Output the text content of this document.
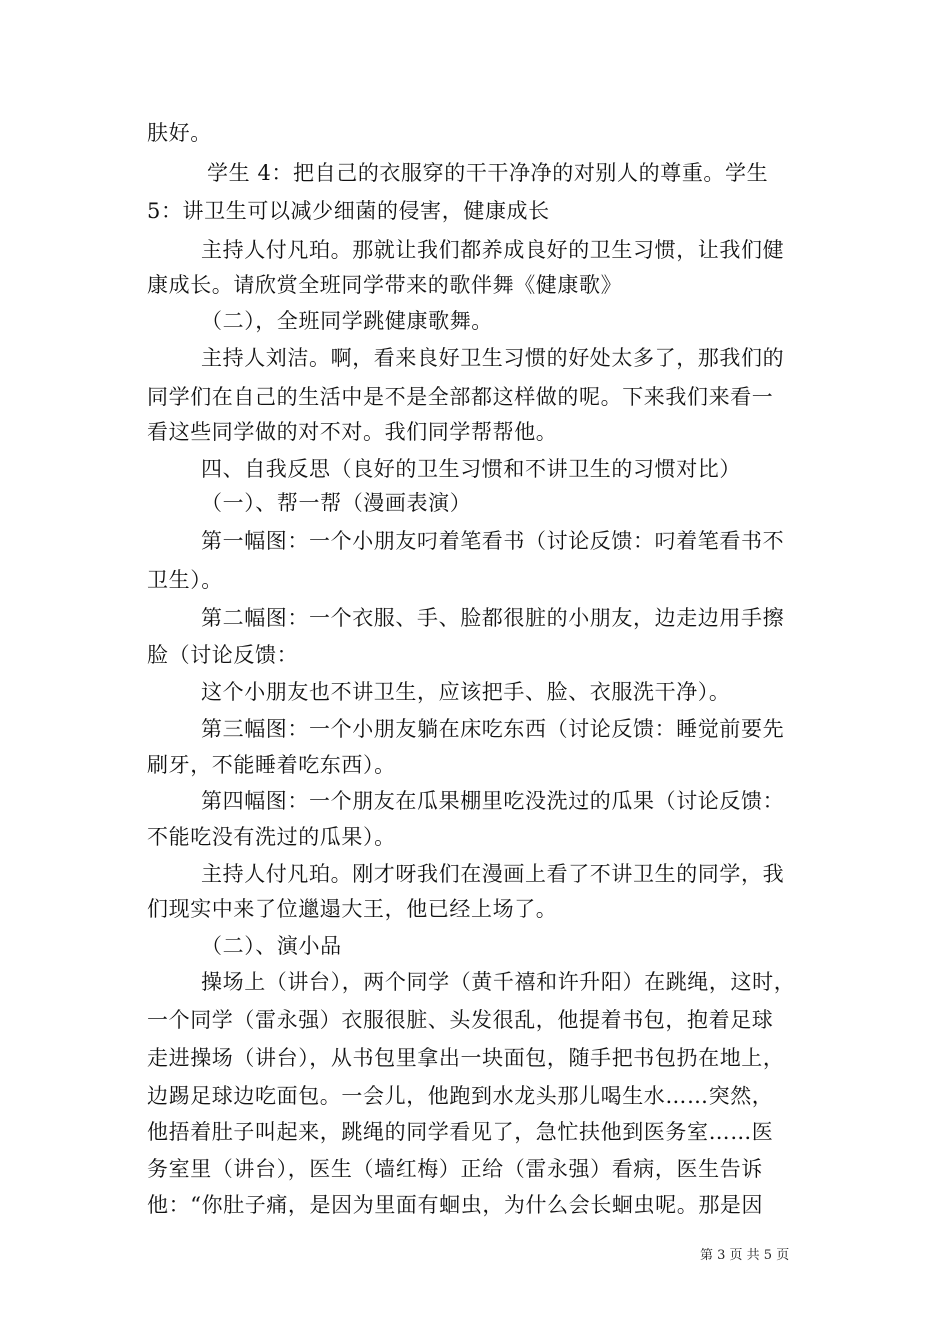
肤好。
学生 4：把自己的衣服穿的干干净净的对别人的尊重。学生
5：讲卫生可以减少细菌的侵害，健康成长
主持人付凡珀。那就让我们都养成良好的卫生习惯，让我们健
康成长。请欣赏全班同学带来的歌伴舞《健康歌》
（二），全班同学跳健康歌舞。
主持人刘洁。啊，看来良好卫生习惯的好处太多了，那我们的
同学们在自己的生活中是不是全部都这样做的呢。下来我们来看一
看这些同学做的对不对。我们同学帮帮他。
四、自我反思（良好的卫生习惯和不讲卫生的习惯对比）
（一）、帮一帮（漫画表演）
第一幅图：一个小朋友叼着笔看书（讨论反馈：叼着笔看书不
卫生）。
第二幅图：一个衣服、手、脸都很脏的小朋友，边走边用手擦
脸（讨论反馈：
这个小朋友也不讲卫生，应该把手、脸、衣服洗干净）。
第三幅图：一个小朋友躺在床吃东西（讨论反馈：睡觉前要先
刷牙，不能睡着吃东西）。
第四幅图：一个朋友在瓜果棚里吃没洗过的瓜果（讨论反馈：
不能吃没有洗过的瓜果）。
主持人付凡珀。刚才呀我们在漫画上看了不讲卫生的同学，我
们现实中来了位邋遢大王，他已经上场了。
（二）、演小品
操场上（讲台），两个同学（黄千禧和许升阳）在跳绳，这时，
一个同学（雷永强）衣服很脏、头发很乱，他提着书包，抱着足球
走进操场（讲台），从书包里拿出一块面包，随手把书包扔在地上，
边踢足球边吃面包。一会儿，他跑到水龙头那儿喝生水……突然，
他捂着肚子叫起来，跳绳的同学看见了，急忙扶他到医务室……医
务室里（讲台），医生（墙红梅）正给（雷永强）看病，医生告诉
他：“你肚子痛，是因为里面有蛔虫，为什么会长蛔虫呢。那是因
第 3 页 共 5 页
